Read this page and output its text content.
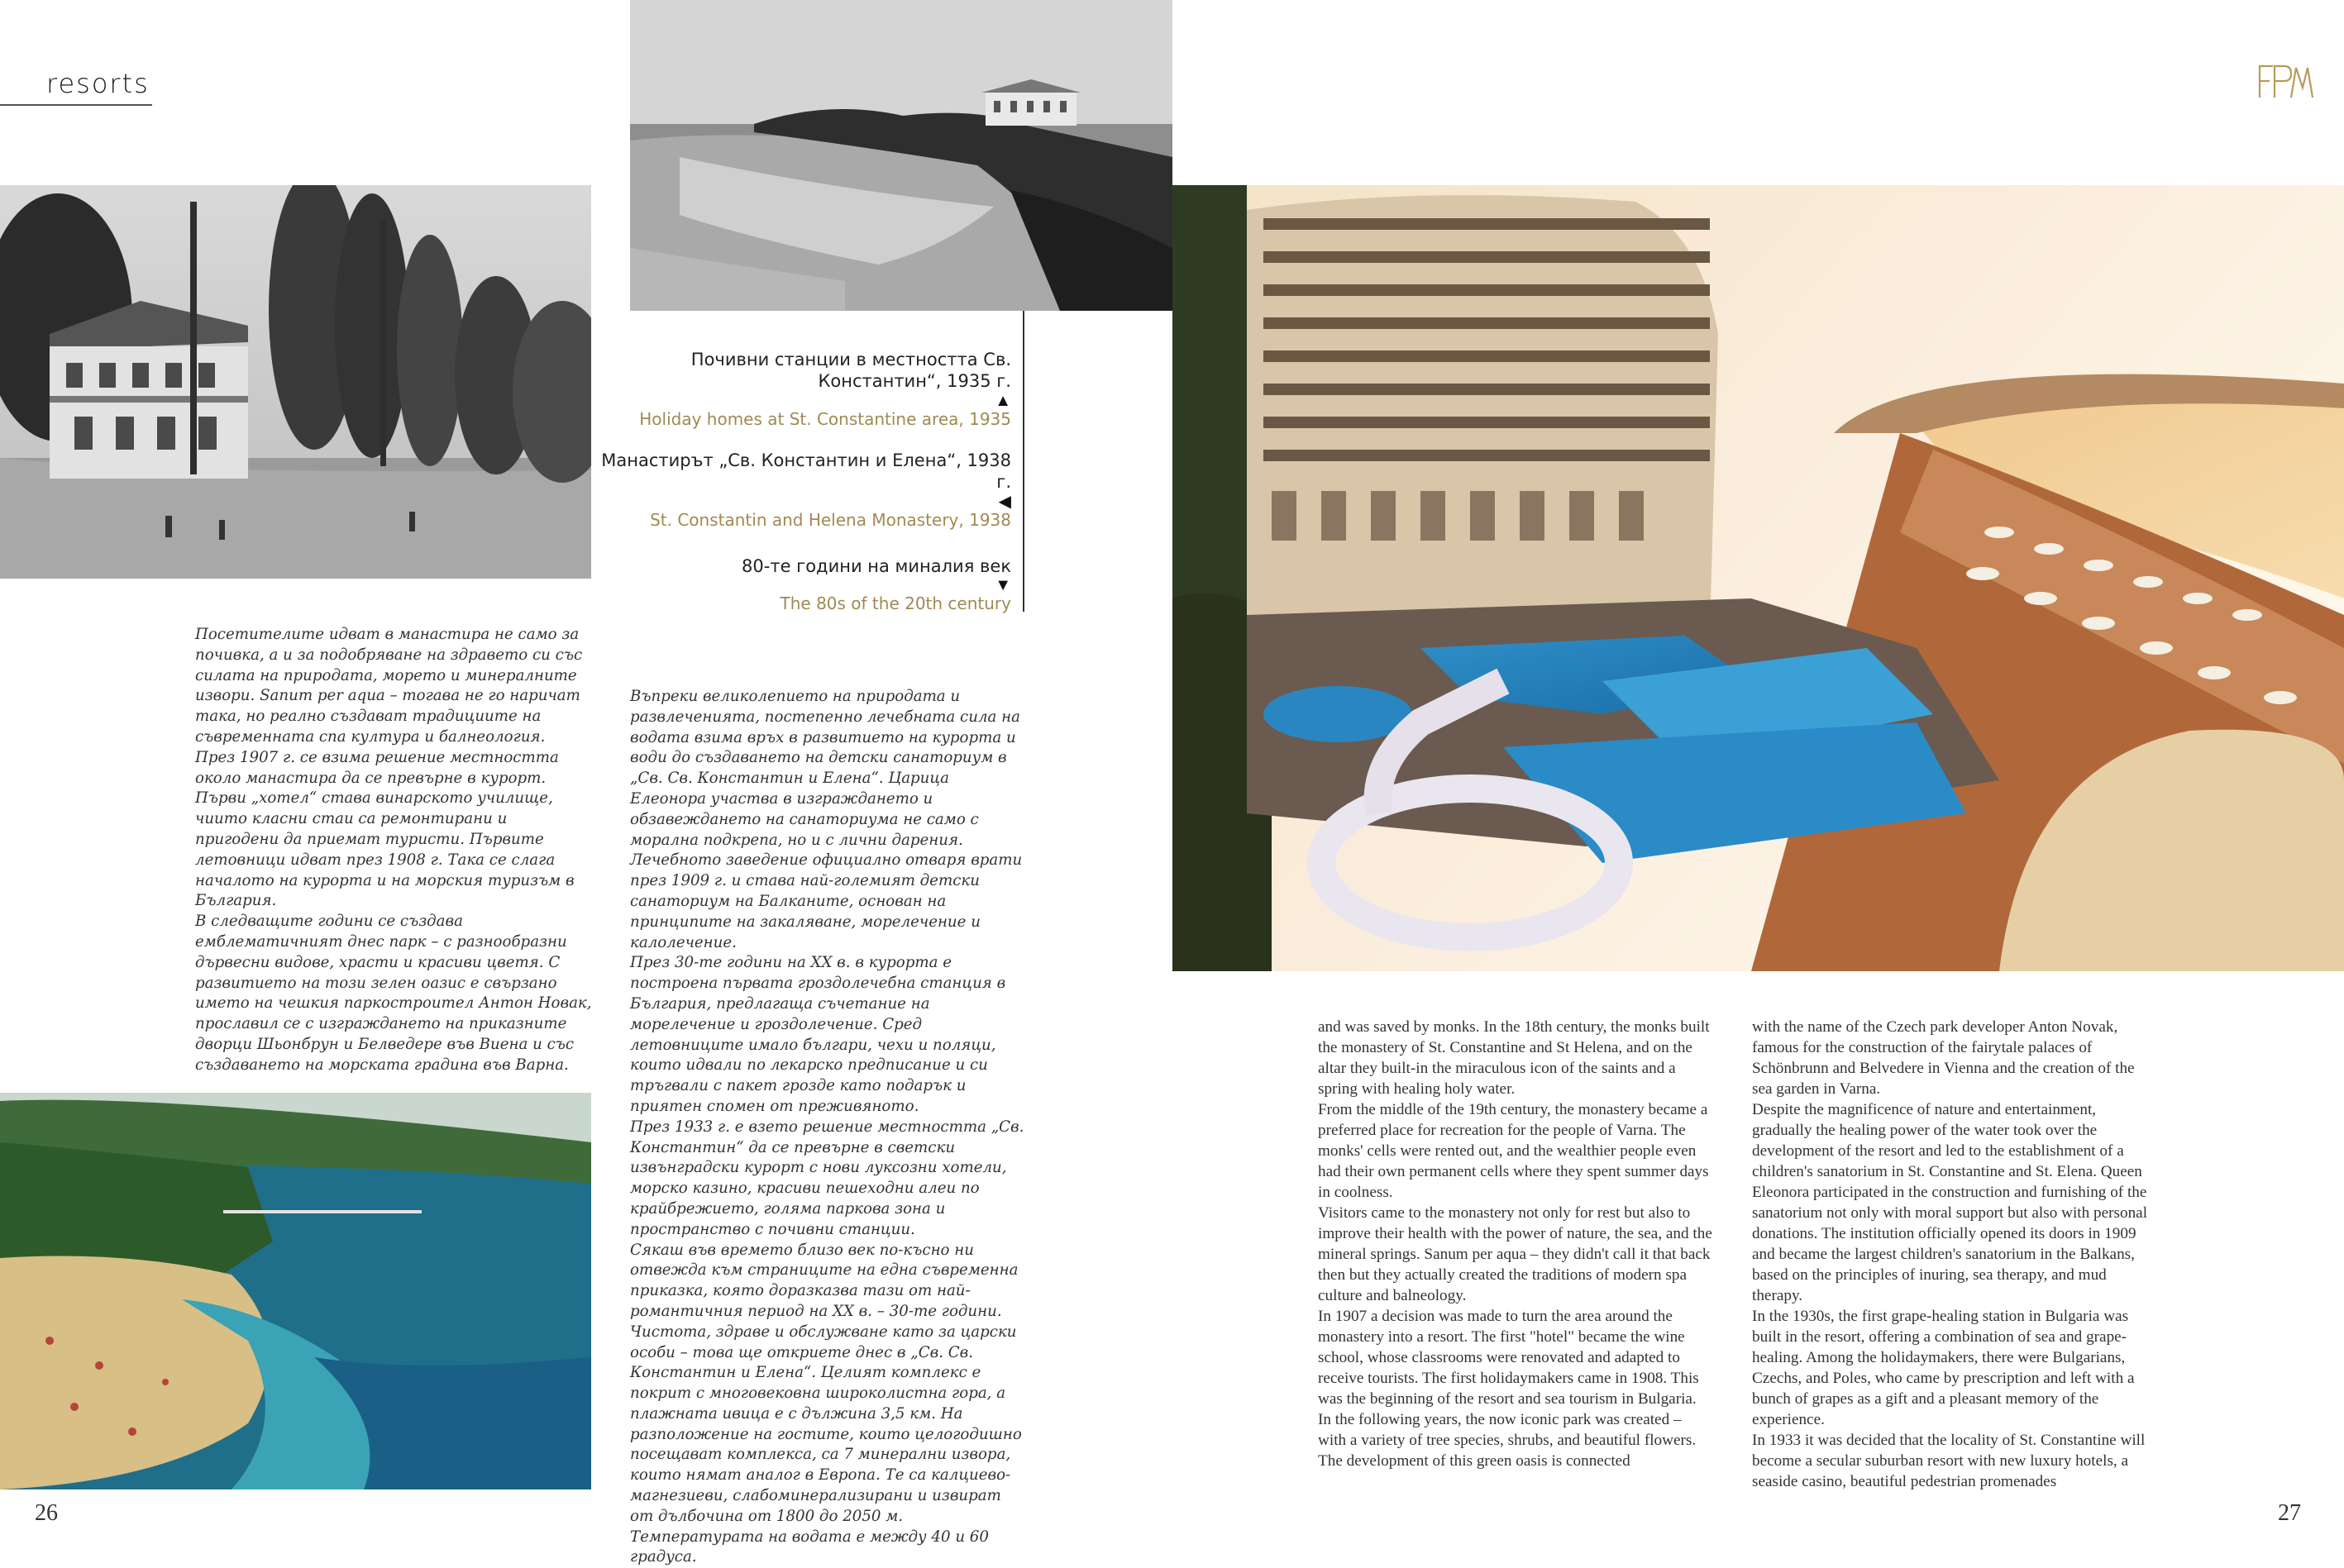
resorts
Почивни станции в местността Св. Константин“, 1935 г.
▲
Holiday homes at St. Constantine area, 1935
Манастирът „Св. Константин и Елена“, 1938 г.
◀
St. Constantin and Helena Monastery, 1938
80-те години на миналия век
▼
The 80s of the 20th century

Посетителите идват в манастира не само за почивка, а и за подобряване на здравето си със силата на природата, морето и минералните извори. Sanum per aqua – тогава не го наричат така, но реално създават традициите на съвременната спа култура и балнеология.

През 1907 г. се взима решение местността около манастира да се превърне в курорт. Първи „хотел“ става винарското училище, чиито класни стаи са ремонтирани и пригодени да приемат туристи. Първите летовници идват през 1908 г. Така се слага началото на курорта и на морския туризъм в България.

В следващите години се създава емблематичният днес парк – с разнообразни дървесни видове, храсти и красиви цветя. С развитието на този зелен оазис е свързано името на чешкия паркостроител Антон Новак, прославил се с изграждането на приказните дворци Шьонбрун и Белведере във Виена и със създаването на морската градина във Варна.

Въпреки великолепието на природата и развлеченията, постепенно лечебната сила на водата взима връх в развитието на курорта и води до създаването на детски санаториум в „Св. Св. Константин и Елена“. Царица Елеонора участва в изграждането и обзавеждането на санаториума не само с морална подкрепа, но и с лични дарения. Лечебното заведение официално отваря врати през 1909 г. и става най-големият детски санаториум на Балканите, основан на принципите на закаляване, морелечение и калолечение.

През 30-те години на XX в. в курорта е построена първата гроздолечебна станция в България, предлагаща съчетание на морелечение и гроздолечение. Сред летовниците имало българи, чехи и поляци, които идвали по лекарско предписание и си тръгвали с пакет грозде като подарък и приятен спомен от преживяното.

През 1933 г. е взето решение местността „Св. Константин“ да се превърне в светски извънградски курорт с нови луксозни хотели, морско казино, красиви пешеходни алеи по крайбрежието, голяма паркова зона и пространство с почивни станции.

Сякаш във времето близо век по-късно ни отвежда към страниците на една съвременна приказка, която доразказва тази от най-романтичния период на XX в. – 30-те години.

Чистота, здраве и обслужване като за царски особи – това ще откриете днес в „Св. Св. Константин и Елена“. Целият комплекс е покрит с многовековна широколистна гора, а плажната ивица е с дължина 3,5 км. На разположение на гостите, които целогодишно посещават комплекса, са 7 минерални извора, които нямат аналог в Европа. Те са калциево-магнезиеви, слабоминерализирани и извират от дълбочина от 1800 до 2050 м. Температурата на водата е между 40 и 60 градуса.

and was saved by monks. In the 18th century, the monks built the monastery of St. Constantine and St Helena, and on the altar they built-in the miraculous icon of the saints and a spring with healing holy water.

From the middle of the 19th century, the monastery became a preferred place for recreation for the people of Varna. The monks' cells were rented out, and the wealthier people even had their own permanent cells where they spent summer days in coolness.

Visitors came to the monastery not only for rest but also to improve their health with the power of nature, the sea, and the mineral springs. Sanum per aqua – they didn't call it that back then but they actually created the traditions of modern spa culture and balneology.

In 1907 a decision was made to turn the area around the monastery into a resort. The first "hotel" became the wine school, whose classrooms were renovated and adapted to receive tourists. The first holidaymakers came in 1908. This was the beginning of the resort and sea tourism in Bulgaria.

In the following years, the now iconic park was created – with a variety of tree species, shrubs, and beautiful flowers. The development of this green oasis is connected

with the name of the Czech park developer Anton Novak, famous for the construction of the fairytale palaces of Schönbrunn and Belvedere in Vienna and the creation of the sea garden in Varna.

Despite the magnificence of nature and entertainment, gradually the healing power of the water took over the development of the resort and led to the establishment of a children's sanatorium in St. Constantine and St. Elena. Queen Eleonora participated in the construction and furnishing of the sanatorium not only with moral support but also with personal donations. The institution officially opened its doors in 1909 and became the largest children's sanatorium in the Balkans, based on the principles of inuring, sea therapy, and mud therapy.

In the 1930s, the first grape-healing station in Bulgaria was built in the resort, offering a combination of sea and grape-healing. Among the holidaymakers, there were Bulgarians, Czechs, and Poles, who came by prescription and left with a bunch of grapes as a gift and a pleasant memory of the experience.

In 1933 it was decided that the locality of St. Constantine will become a secular suburban resort with new luxury hotels, a seaside casino, beautiful pedestrian promenades

26	27
